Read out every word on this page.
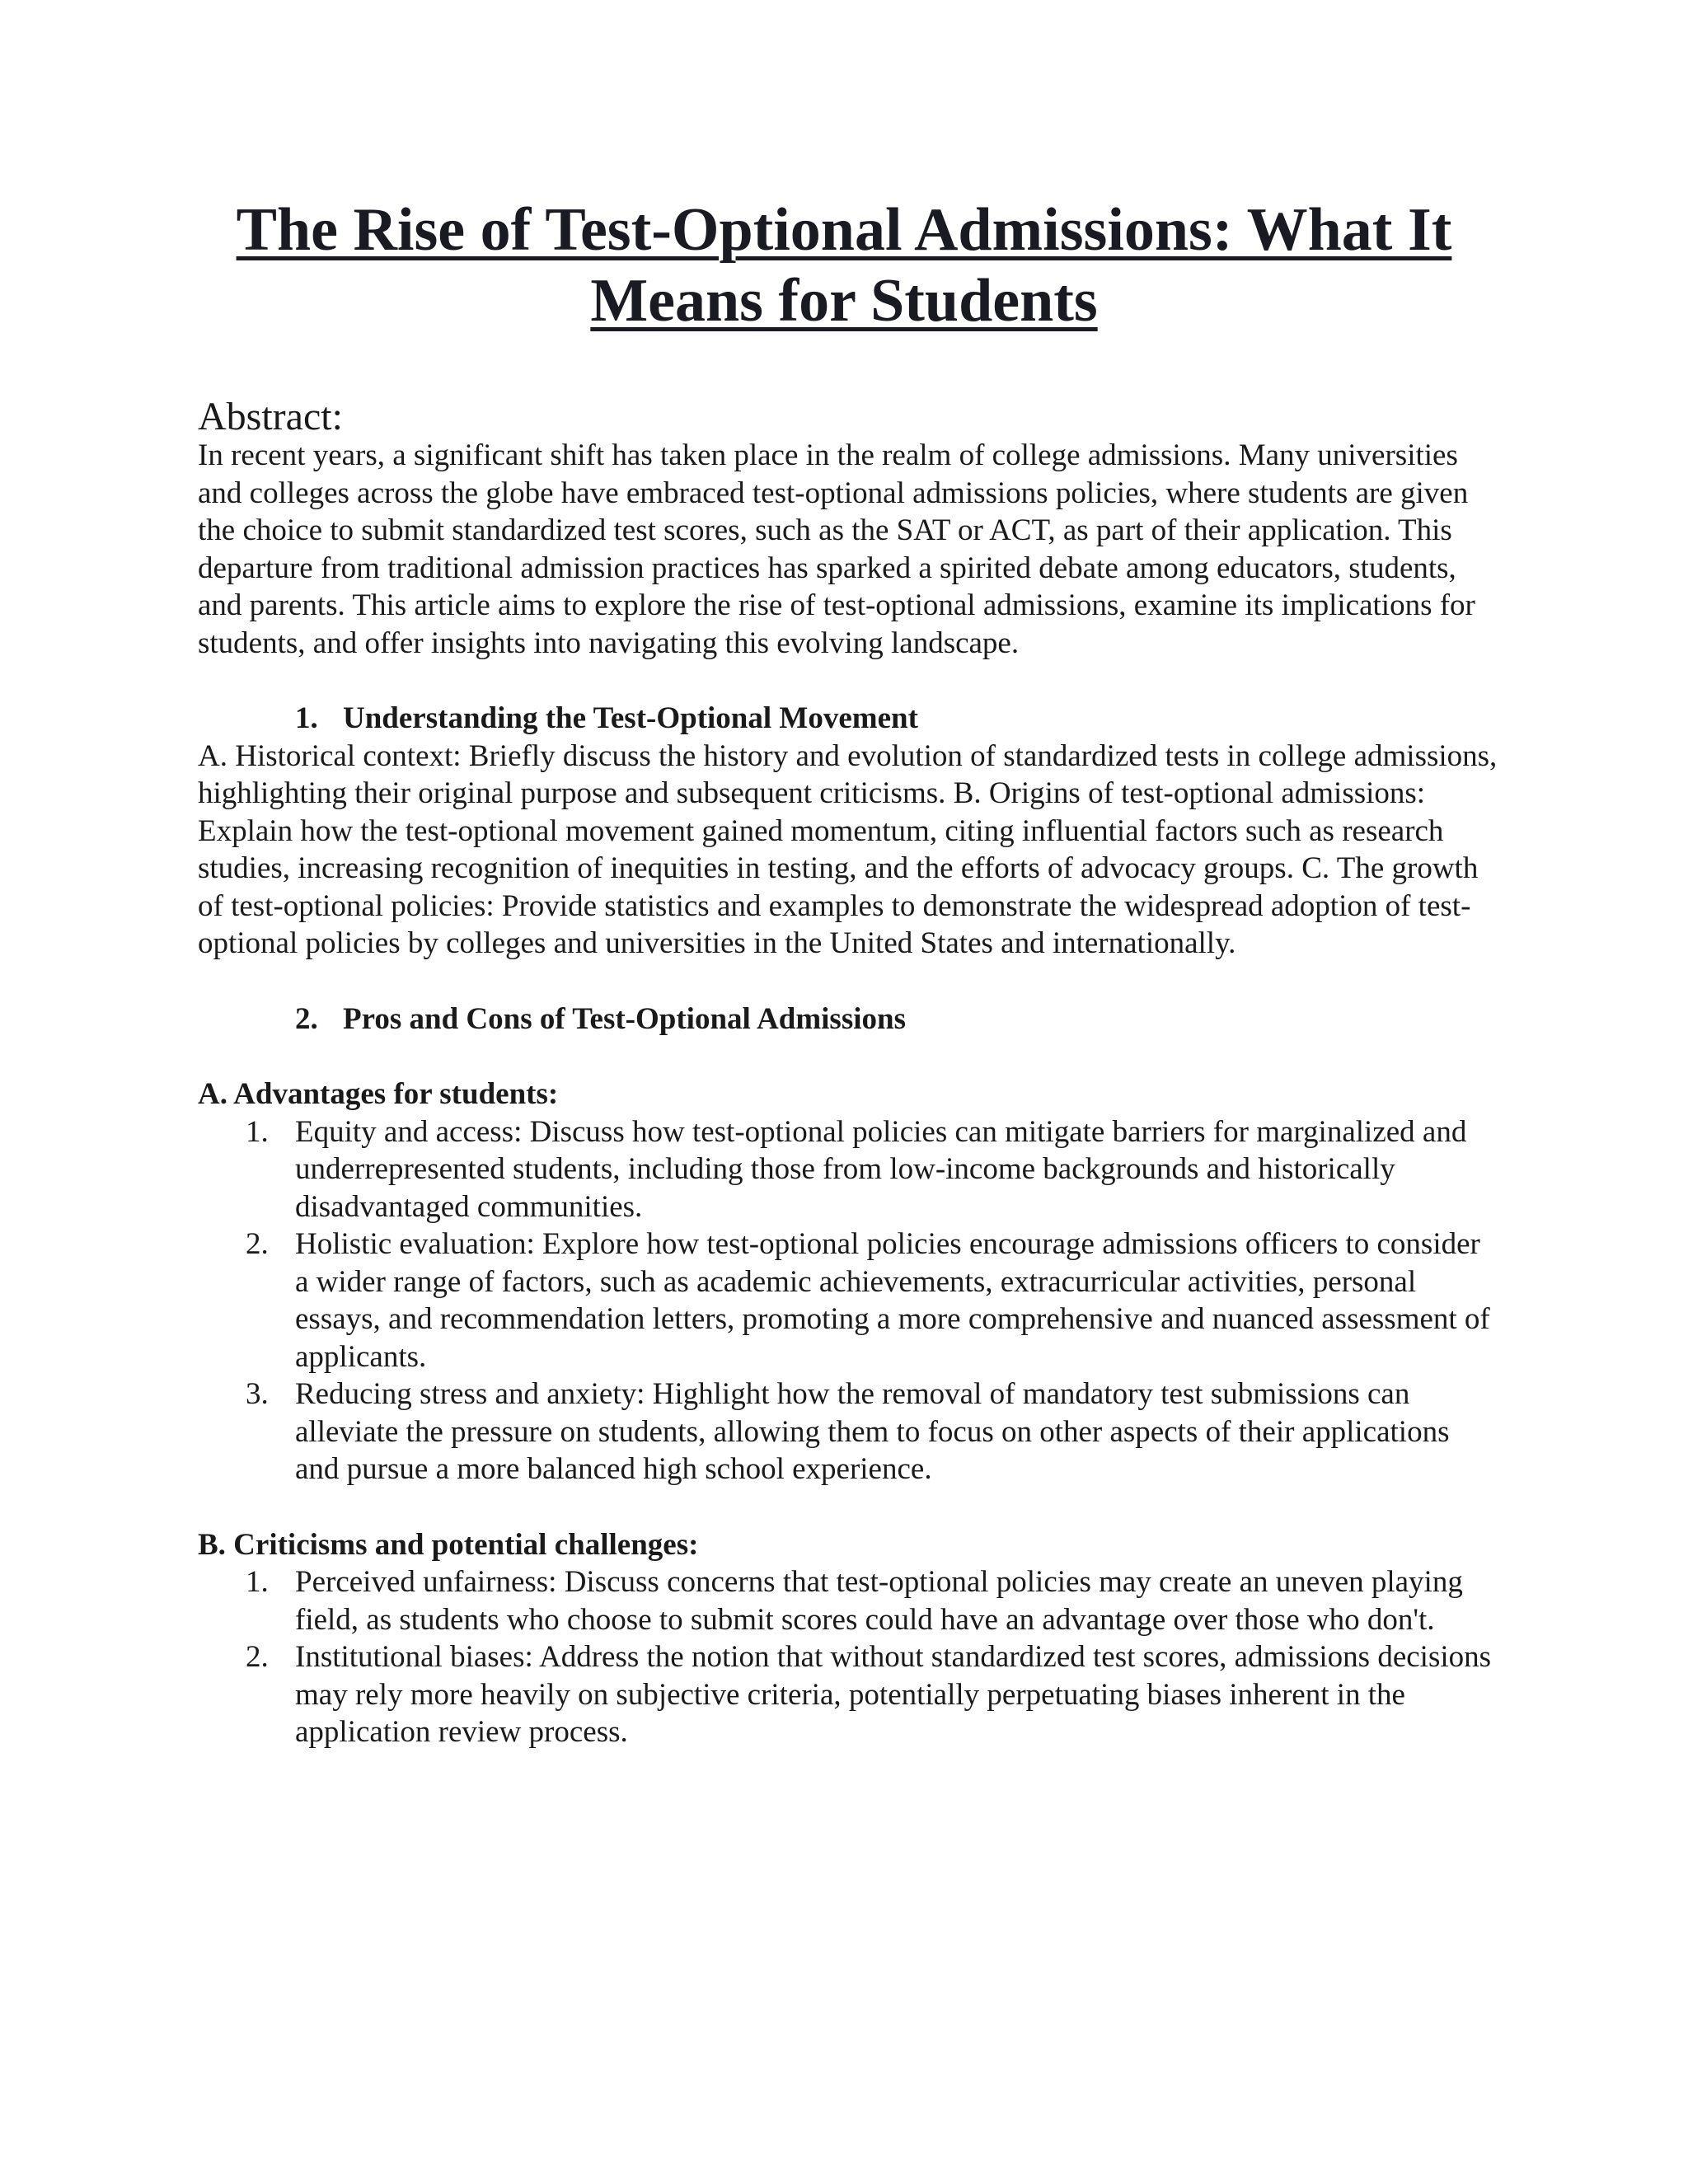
The Rise of Test-Optional Admissions: What It Means for Students
Abstract:

In recent years, a significant shift has taken place in the realm of college admissions. Many universities and colleges across the globe have embraced test-optional admissions policies, where students are given the choice to submit standardized test scores, such as the SAT or ACT, as part of their application. This departure from traditional admission practices has sparked a spirited debate among educators, students, and parents. This article aims to explore the rise of test-optional admissions, examine its implications for students, and offer insights into navigating this evolving landscape.

1. Understanding the Test-Optional Movement

A. Historical context: Briefly discuss the history and evolution of standardized tests in college admissions, highlighting their original purpose and subsequent criticisms. B. Origins of test-optional admissions: Explain how the test-optional movement gained momentum, citing influential factors such as research studies, increasing recognition of inequities in testing, and the efforts of advocacy groups. C. The growth of test-optional policies: Provide statistics and examples to demonstrate the widespread adoption of test-optional policies by colleges and universities in the United States and internationally.

2. Pros and Cons of Test-Optional Admissions
A. Advantages for students:
1. Equity and access: Discuss how test-optional policies can mitigate barriers for marginalized and underrepresented students, including those from low-income backgrounds and historically disadvantaged communities.
2. Holistic evaluation: Explore how test-optional policies encourage admissions officers to consider a wider range of factors, such as academic achievements, extracurricular activities, personal essays, and recommendation letters, promoting a more comprehensive and nuanced assessment of applicants.
3. Reducing stress and anxiety: Highlight how the removal of mandatory test submissions can alleviate the pressure on students, allowing them to focus on other aspects of their applications and pursue a more balanced high school experience.
B. Criticisms and potential challenges:
1. Perceived unfairness: Discuss concerns that test-optional policies may create an uneven playing field, as students who choose to submit scores could have an advantage over those who don't.
2. Institutional biases: Address the notion that without standardized test scores, admissions decisions may rely more heavily on subjective criteria, potentially perpetuating biases inherent in the application review process.
